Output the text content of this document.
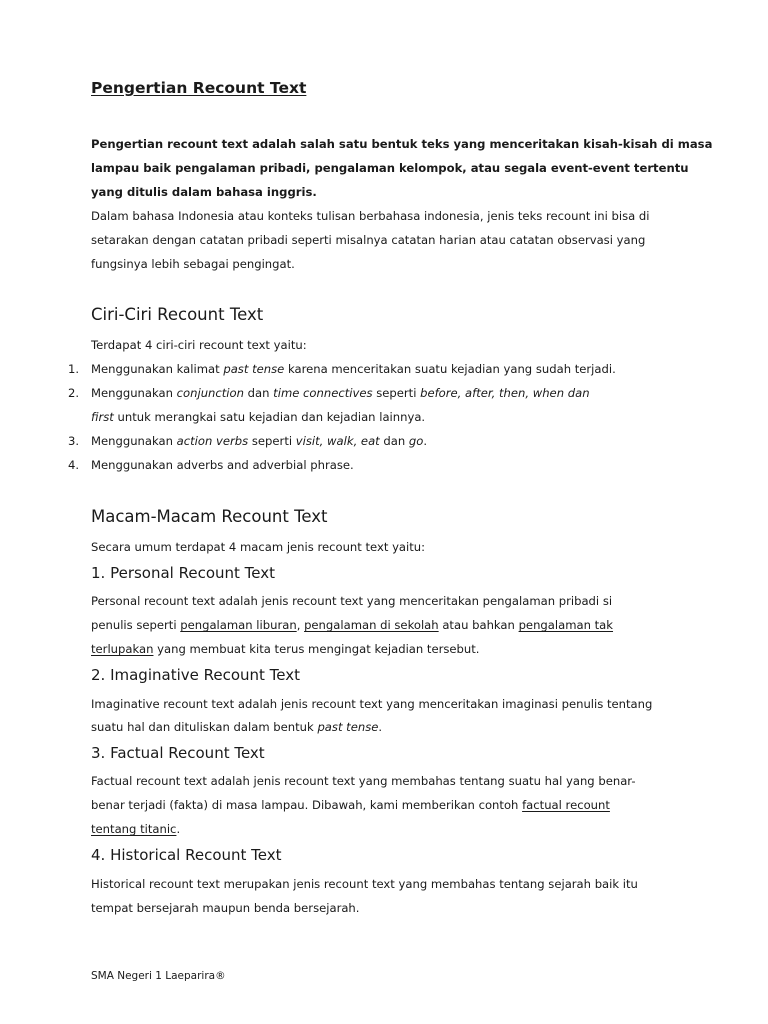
Pengertian Recount Text
Pengertian recount text adalah salah satu bentuk teks yang menceritakan kisah-kisah di masa
lampau baik pengalaman pribadi, pengalaman kelompok, atau segala event-event tertentu
yang ditulis dalam bahasa inggris.
Dalam bahasa Indonesia atau konteks tulisan berbahasa indonesia, jenis teks recount ini bisa di
setarakan dengan catatan pribadi seperti misalnya catatan harian atau catatan observasi yang
fungsinya lebih sebagai pengingat.
Ciri-Ciri Recount Text
Terdapat 4 ciri-ciri recount text yaitu:
1. Menggunakan kalimat past tense karena menceritakan suatu kejadian yang sudah terjadi.
2. Menggunakan conjunction dan time connectives seperti before, after, then, when dan
first untuk merangkai satu kejadian dan kejadian lainnya.
3. Menggunakan action verbs seperti visit, walk, eat dan go.
4. Menggunakan adverbs and adverbial phrase.
Macam-Macam Recount Text
Secara umum terdapat 4 macam jenis recount text yaitu:
1. Personal Recount Text
Personal recount text adalah jenis recount text yang menceritakan pengalaman pribadi si
penulis seperti pengalaman liburan, pengalaman di sekolah atau bahkan pengalaman tak
terlupakan yang membuat kita terus mengingat kejadian tersebut.
2. Imaginative Recount Text
Imaginative recount text adalah jenis recount text yang menceritakan imaginasi penulis tentang
suatu hal dan dituliskan dalam bentuk past tense.
3. Factual Recount Text
Factual recount text adalah jenis recount text yang membahas tentang suatu hal yang benar-
benar terjadi (fakta) di masa lampau. Dibawah, kami memberikan contoh factual recount
tentang titanic.
4. Historical Recount Text
Historical recount text merupakan jenis recount text yang membahas tentang sejarah baik itu
tempat bersejarah maupun benda bersejarah.
SMA Negeri 1 Laeparira®
